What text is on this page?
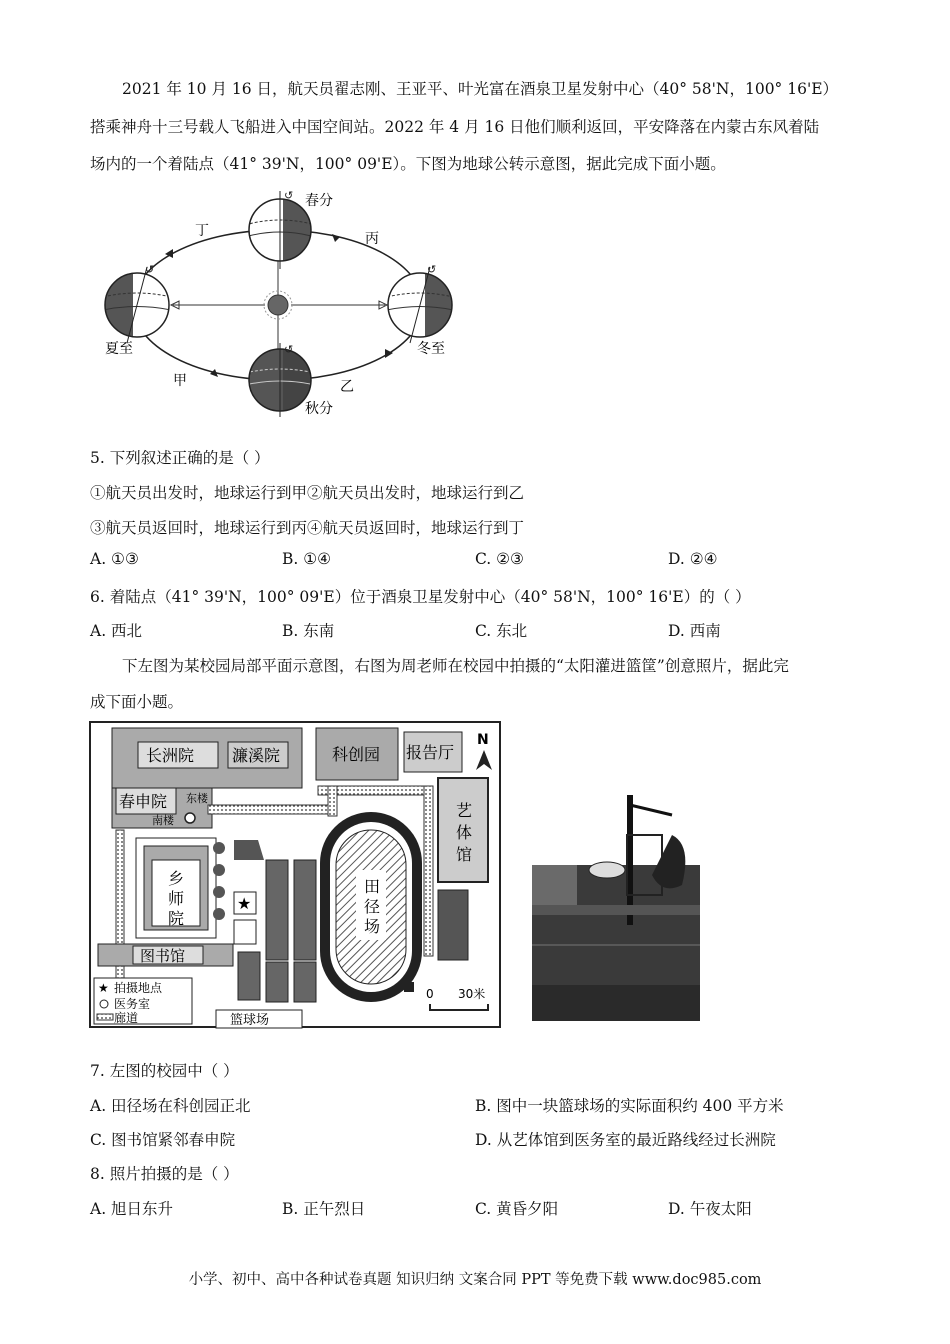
2021 年 10 月 16 日，航天员翟志刚、王亚平、叶光富在酒泉卫星发射中心（40° 58'N，100° 16'E）
搭乘神舟十三号载人飞船进入中国空间站。2022 年 4 月 16 日他们顺利返回，平安降落在内蒙古东风着陆
场内的一个着陆点（41° 39'N，100° 09'E）。下图为地球公转示意图，据此完成下面小题。
↺
↺	↺
↺
春分
夏至
秋分
冬至
甲	乙
丙
丁
5. 下列叙述正确的是（ ）
①航天员出发时，地球运行到甲②航天员出发时，地球运行到乙
③航天员返回时，地球运行到丙④航天员返回时，地球运行到丁
A. ①③	B. ①④	C. ②③	D. ②④
6. 着陆点（41° 39'N，100° 09'E）位于酒泉卫星发射中心（40° 58'N，100° 16'E）的（ ）
A. 西北	B. 东南	C. 东北	D. 西南
下左图为某校园局部平面示意图，右图为周老师在校园中拍摄的“太阳灌进篮筐”创意照片，据此完
成下面小题。
长洲院 濂溪院	科创园 报告厅
N
春申院 东楼
南楼
艺
体
馆
乡
师
院
图书馆
★
篮球场
田
径
场
★ 拍摄地点
医务室
廊道
0 30米
7. 左图的校园中（ ）
A. 田径场在科创园正北	B. 图中一块篮球场的实际面积约 400 平方米
C. 图书馆紧邻春申院	D. 从艺体馆到医务室的最近路线经过长洲院
8. 照片拍摄的是（ ）
A. 旭日东升	B. 正午烈日	C. 黄昏夕阳	D. 午夜太阳
小学、初中、高中各种试卷真题 知识归纳 文案合同 PPT 等免费下载 www.doc985.com
